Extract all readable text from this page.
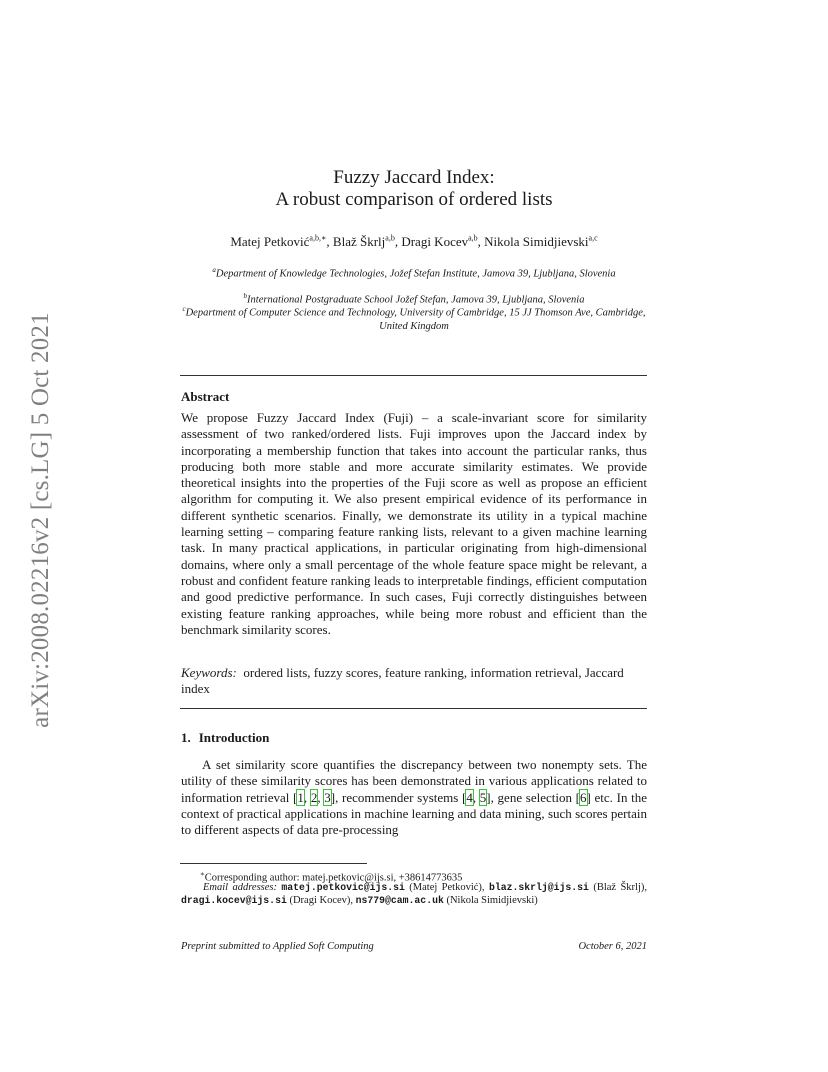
arXiv:2008.02216v2 [cs.LG] 5 Oct 2021
Fuzzy Jaccard Index:
A robust comparison of ordered lists
Matej Petković$^{a,b,∗}$, Blaž Škrlj$^{a,b}$, Dragi Kocev$^{a,b}$, Nikola Simidjievski$^{a,c}$
$^a$Department of Knowledge Technologies, Jožef Stefan Institute, Jamova 39, Ljubljana, Slovenia
$^b$International Postgraduate School Jožef Stefan, Jamova 39, Ljubljana, Slovenia
$^c$Department of Computer Science and Technology, University of Cambridge, 15 JJ Thomson Ave, Cambridge, United Kingdom
Abstract
We propose Fuzzy Jaccard Index (Fuji) – a scale-invariant score for similarity assessment of two ranked/ordered lists. Fuji improves upon the Jaccard index by incorporating a membership function that takes into account the particular ranks, thus producing both more stable and more accurate similarity estimates. We provide theoretical insights into the properties of the Fuji score as well as propose an efficient algorithm for computing it. We also present empirical evidence of its performance in different synthetic scenarios. Finally, we demonstrate its utility in a typical machine learning setting – comparing feature ranking lists, relevant to a given machine learning task. In many practical applications, in particular originating from high-dimensional domains, where only a small percentage of the whole feature space might be relevant, a robust and confident feature ranking leads to interpretable findings, efficient computation and good predictive performance. In such cases, Fuji correctly distinguishes between existing feature ranking approaches, while being more robust and efficient than the benchmark similarity scores.
Keywords: ordered lists, fuzzy scores, feature ranking, information retrieval, Jaccard index
1. Introduction
A set similarity score quantifies the discrepancy between two nonempty sets. The utility of these similarity scores has been demonstrated in various applications related to information retrieval [1, 2, 3], recommender systems [4, 5], gene selection [6] etc. In the context of practical applications in machine learning and data mining, such scores pertain to different aspects of data pre-processing
∗Corresponding author: matej.petkovic@ijs.si, +38614773635
Email addresses: matej.petkovic@ijs.si (Matej Petković), blaz.skrlj@ijs.si (Blaž Škrlj), dragi.kocev@ijs.si (Dragi Kocev), ns779@cam.ac.uk (Nikola Simidjievski)
Preprint submitted to Applied Soft Computing	October 6, 2021
